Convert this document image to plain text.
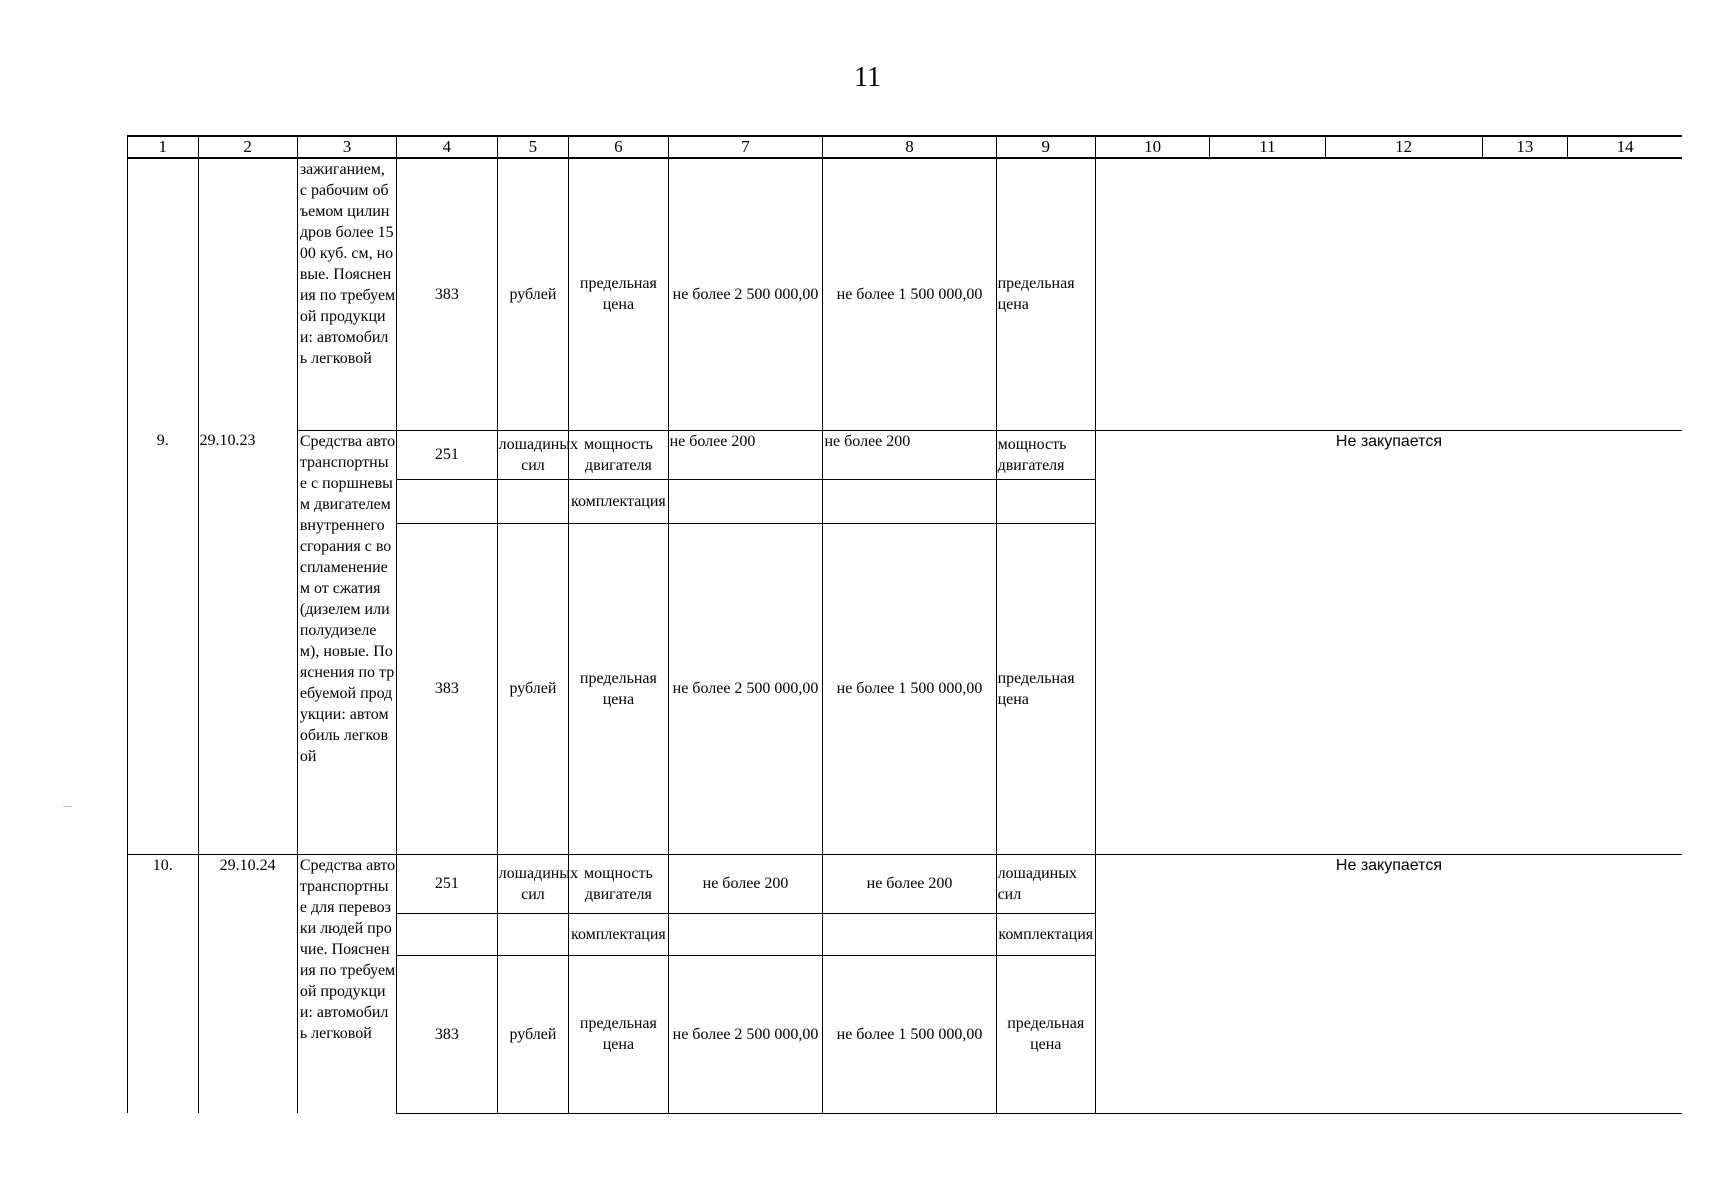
11
1	2	3	4	5	6	7	8	9	10	11	12	13	14
		зажиганием, с рабочим объемом цилиндров более 1500 куб. см, новые. Пояснения по требуемой продукции: автомобиль легковой	383	рублей	предельная цена	не более 2 500 000,00	не более 1 500 000,00	предельная цена					
9.	29.10.23	Средства автотранспортные с поршневым двигателем внутреннего сгорания с воспламенением от сжатия (дизелем или полудизелем), новые. Пояснения по требуемой продукции: автомобиль легковой	251	лошадиных сил	мощность двигателя	не более 200	не более 200	мощность двигателя	Не закупается				
					комплектация								
			383	рублей	предельная цена	не более 2 500 000,00	не более 1 500 000,00	предельная цена					
10.	29.10.24	Средства автотранспортные для перевозки людей прочие. Пояснения по требуемой продукции: автомобиль легковой	251	лошадиных сил	мощность двигателя	не более 200	не более 200	лошадиных сил	Не закупается				
					комплектация			комплектация					
			383	рублей	предельная цена	не более 2 500 000,00	не более 1 500 000,00	предельная цена					
